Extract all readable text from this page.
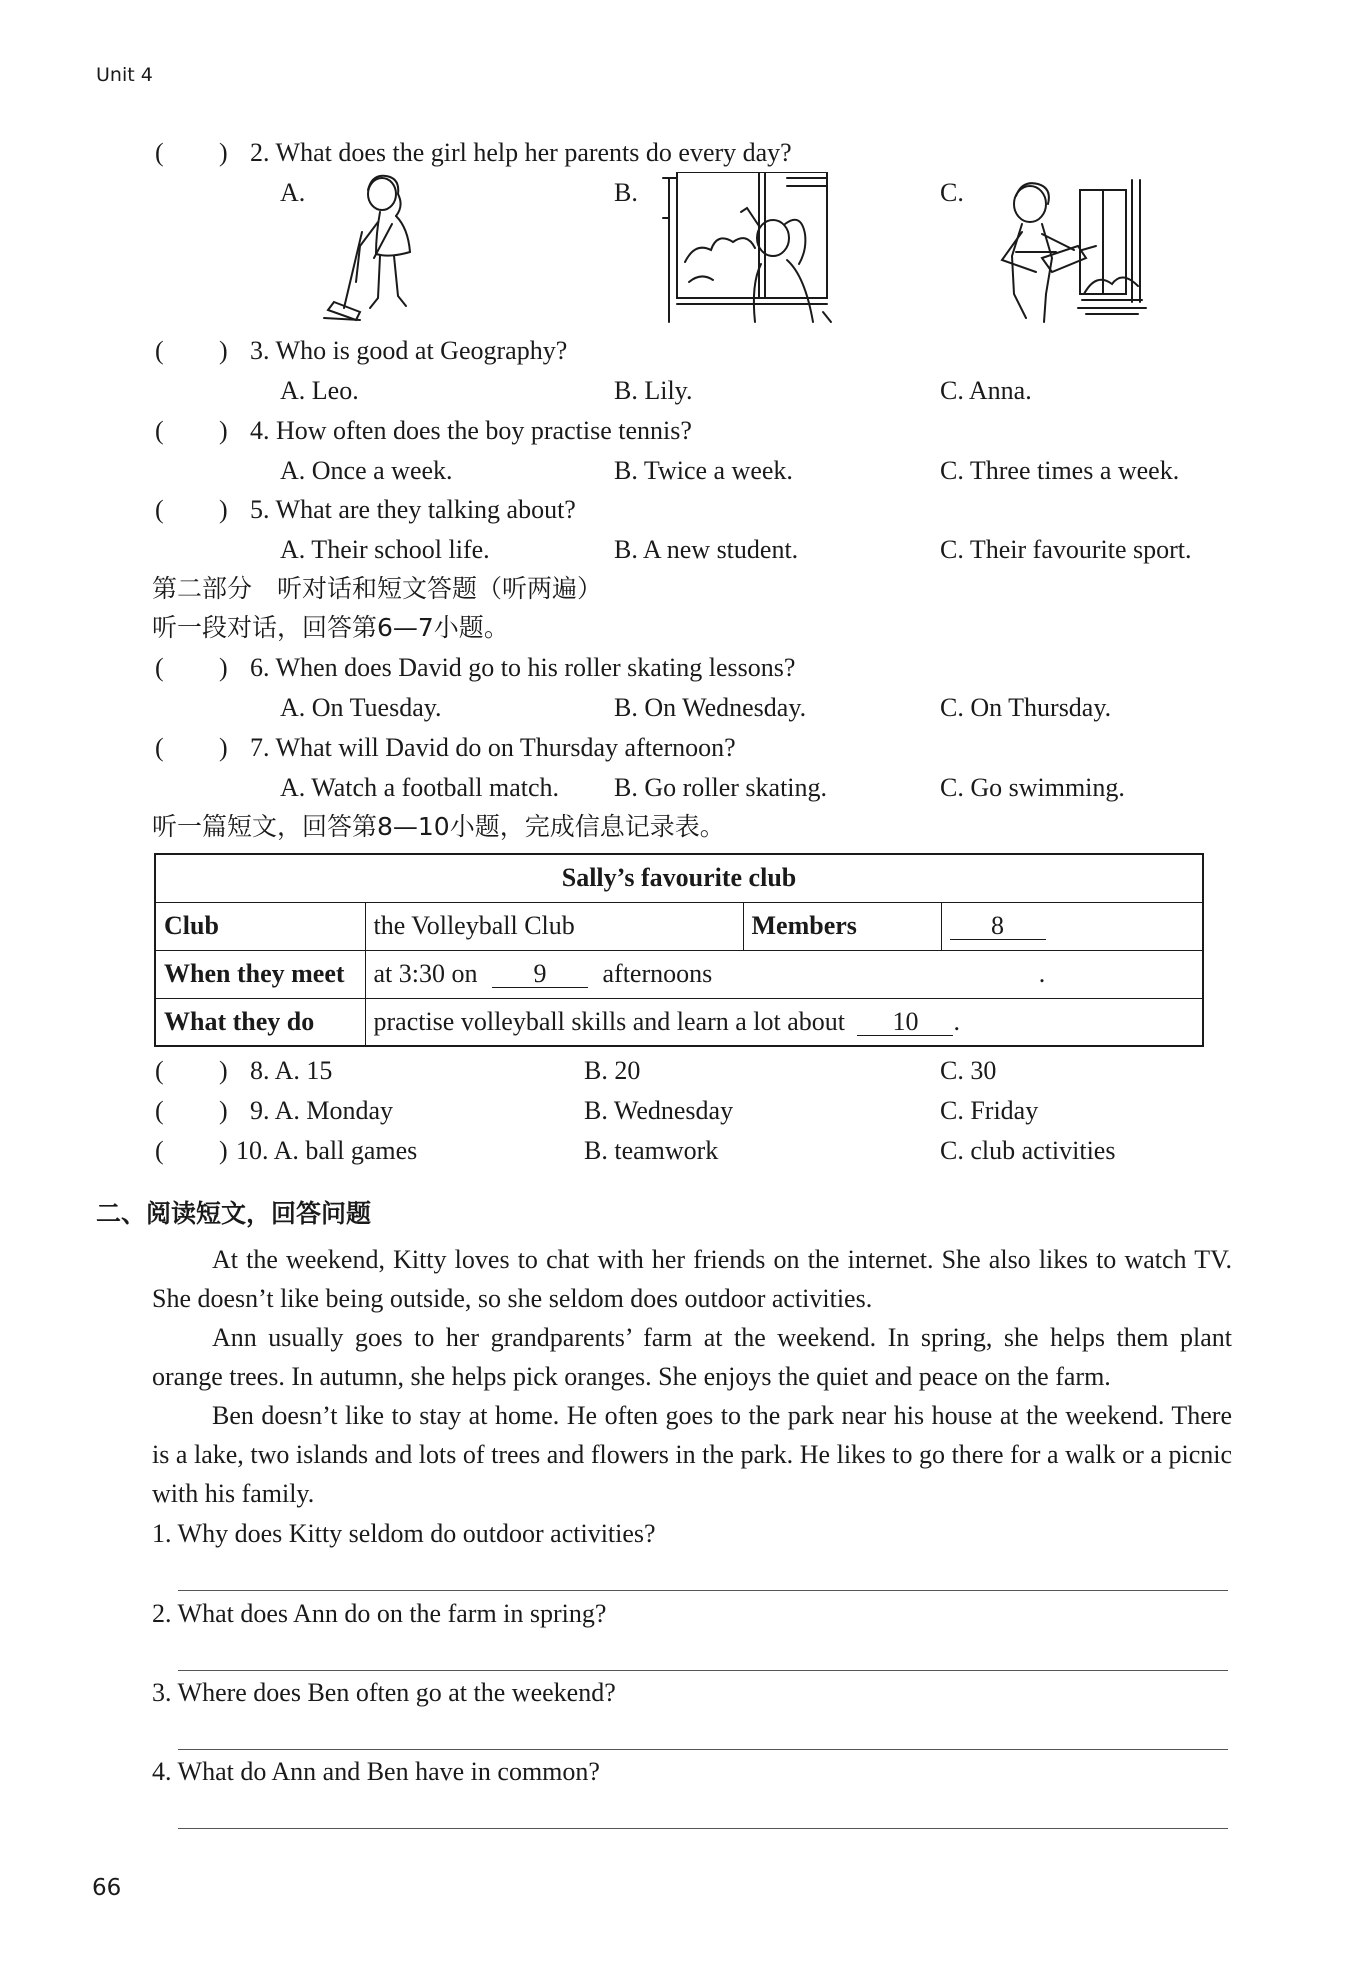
Unit 4
( ) 2. What does the girl help her parents do every day?
A.	B.	C.
( ) 3. Who is good at Geography?
A. Leo.	B. Lily.	C. Anna.
( ) 4. How often does the boy practise tennis?
A. Once a week.	B. Twice a week.	C. Three times a week.
( ) 5. What are they talking about?
A. Their school life.	B. A new student.	C. Their favourite sport.
第二部分　听对话和短文答题（听两遍）
听一段对话，回答第6—7小题。
( ) 6. When does David go to his roller skating lessons?
A. On Tuesday.	B. On Wednesday.	C. On Thursday.
( ) 7. What will David do on Thursday afternoon?
A. Watch a football match. B. Go roller skating.	C. Go swimming.
听一篇短文，回答第8—10小题，完成信息记录表。
Sally’s favourite club			
Club	the Volleyball Club	Members	8
When they meet	at 3:30 on 9 afternoons .		
What they do	practise volleyball skills and learn a lot about 10 .		
( ) 8. A. 15	B. 20	C. 30
( ) 9. A. Monday	B. Wednesday	C. Friday
( ) 10. A. ball games	B. teamwork	C. club activities
二、阅读短文，回答问题

At the weekend, Kitty loves to chat with her friends on the internet. She also likes to watch TV. She doesn’t like being outside, so she seldom does outdoor activities.

Ann usually goes to her grandparents’ farm at the weekend. In spring, she helps them plant orange trees. In autumn, she helps pick oranges. She enjoys the quiet and peace on the farm.

Ben doesn’t like to stay at home. He often goes to the park near his house at the weekend. There is a lake, two islands and lots of trees and flowers in the park. He likes to go there for a walk or a picnic with his family.

1. Why does Kitty seldom do outdoor activities?
2. What does Ann do on the farm in spring?
3. Where does Ben often go at the weekend?
4. What do Ann and Ben have in common?
66
